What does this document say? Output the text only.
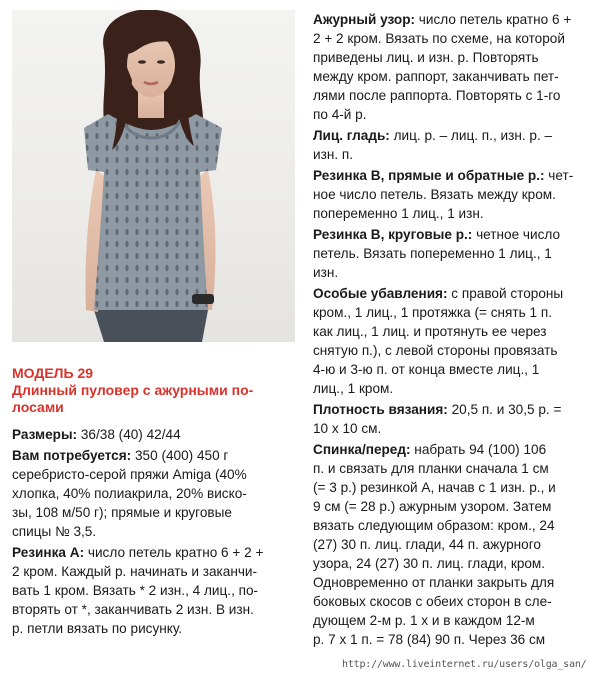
МОДЕЛЬ 29
Длинный пуловер с ажурными по-
лосами

Размеры: 36/38 (40) 42/44

Вам потребуется: 350 (400) 450 г
серебристо-серой пряжи Amiga (40%
хлопка, 40% полиакрила, 20% виско-
зы, 108 м/50 г); прямые и круговые
спицы № 3,5.

Резинка А: число петель кратно 6 + 2 +
2 кром. Каждый р. начинать и заканчи-
вать 1 кром. Вязать * 2 изн., 4 лиц., по-
вторять от *, заканчивать 2 изн. В изн.
р. петли вязать по рисунку.

Ажурный узор: число петель кратно 6 +
2 + 2 кром. Вязать по схеме, на которой
приведены лиц. и изн. р. Повторять
между кром. раппорт, заканчивать пет-
лями после раппорта. Повторять с 1-го
по 4-й р.

Лиц. гладь: лиц. р. – лиц. п., изн. р. –
изн. п.

Резинка В, прямые и обратные р.: чет-
ное число петель. Вязать между кром.
попеременно 1 лиц., 1 изн.

Резинка В, круговые р.: четное число
петель. Вязать попеременно 1 лиц., 1
изн.

Особые убавления: с правой стороны
кром., 1 лиц., 1 протяжка (= снять 1 п.
как лиц., 1 лиц. и протянуть ее через
снятую п.), с левой стороны провязать
4-ю и 3-ю п. от конца вместе лиц., 1
лиц., 1 кром.

Плотность вязания: 20,5 п. и 30,5 р. =
10 х 10 см.

Спинка/перед: набрать 94 (100) 106
п. и связать для планки сначала 1 см
(= 3 р.) резинкой А, начав с 1 изн. р., и
9 см (= 28 р.) ажурным узором. Затем
вязать следующим образом: кром., 24
(27) 30 п. лиц. глади, 44 п. ажурного
узора, 24 (27) 30 п. лиц. глади, кром.
Одновременно от планки закрыть для
боковых скосов с обеих сторон в сле-
дующем 2-м р. 1 х и в каждом 12-м
р. 7 х 1 п. = 78 (84) 90 п. Через 36 см

http://www.liveinternet.ru/users/olga_san/
